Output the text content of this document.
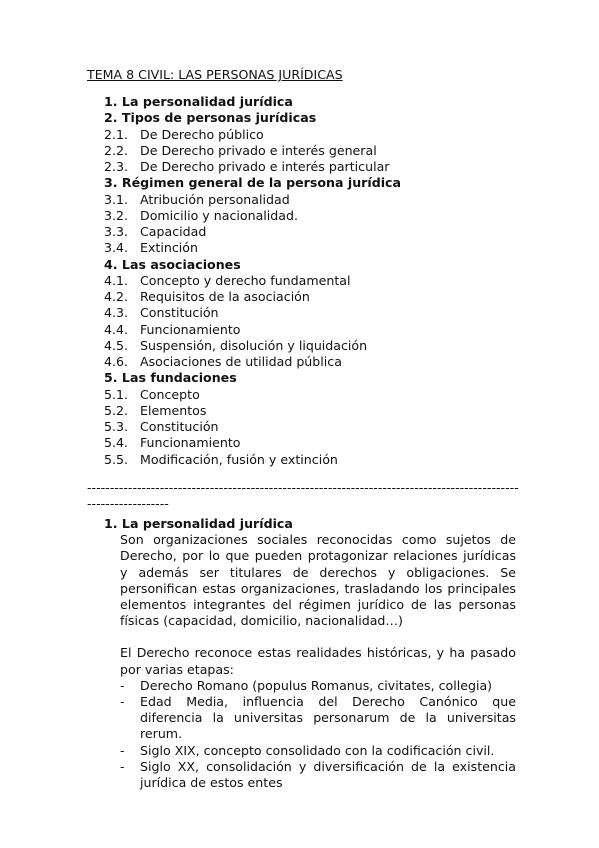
TEMA 8 CIVIL: LAS PERSONAS JURÍDICAS
1. La personalidad jurídica
2. Tipos de personas jurídicas
2.1. De Derecho público
2.2. De Derecho privado e interés general
2.3. De Derecho privado e interés particular
3. Régimen general de la persona jurídica
3.1. Atribución personalidad
3.2. Domicilio y nacionalidad.
3.3. Capacidad
3.4. Extinción
4. Las asociaciones
4.1. Concepto y derecho fundamental
4.2. Requisitos de la asociación
4.3. Constitución
4.4. Funcionamiento
4.5. Suspensión, disolución y liquidación
4.6. Asociaciones de utilidad pública
5. Las fundaciones
5.1. Concepto
5.2. Elementos
5.3. Constitución
5.4. Funcionamiento
5.5. Modificación, fusión y extinción
-----------------------------------------------------------------------------------------------------------------
1. La personalidad jurídica

Son organizaciones sociales reconocidas como sujetos de Derecho, por lo que pueden protagonizar relaciones jurídicas y además ser titulares de derechos y obligaciones. Se personifican estas organizaciones, trasladando los principales elementos integrantes del régimen jurídico de las personas físicas (capacidad, domicilio, nacionalidad…)

El Derecho reconoce estas realidades históricas, y ha pasado por varias etapas:

- Derecho Romano (populus Romanus, civitates, collegia)
- Edad Media, influencia del Derecho Canónico que diferencia la universitas personarum de la universitas rerum.
- Siglo XIX, concepto consolidado con la codificación civil.
- Siglo XX, consolidación y diversificación de la existencia jurídica de estos entes
